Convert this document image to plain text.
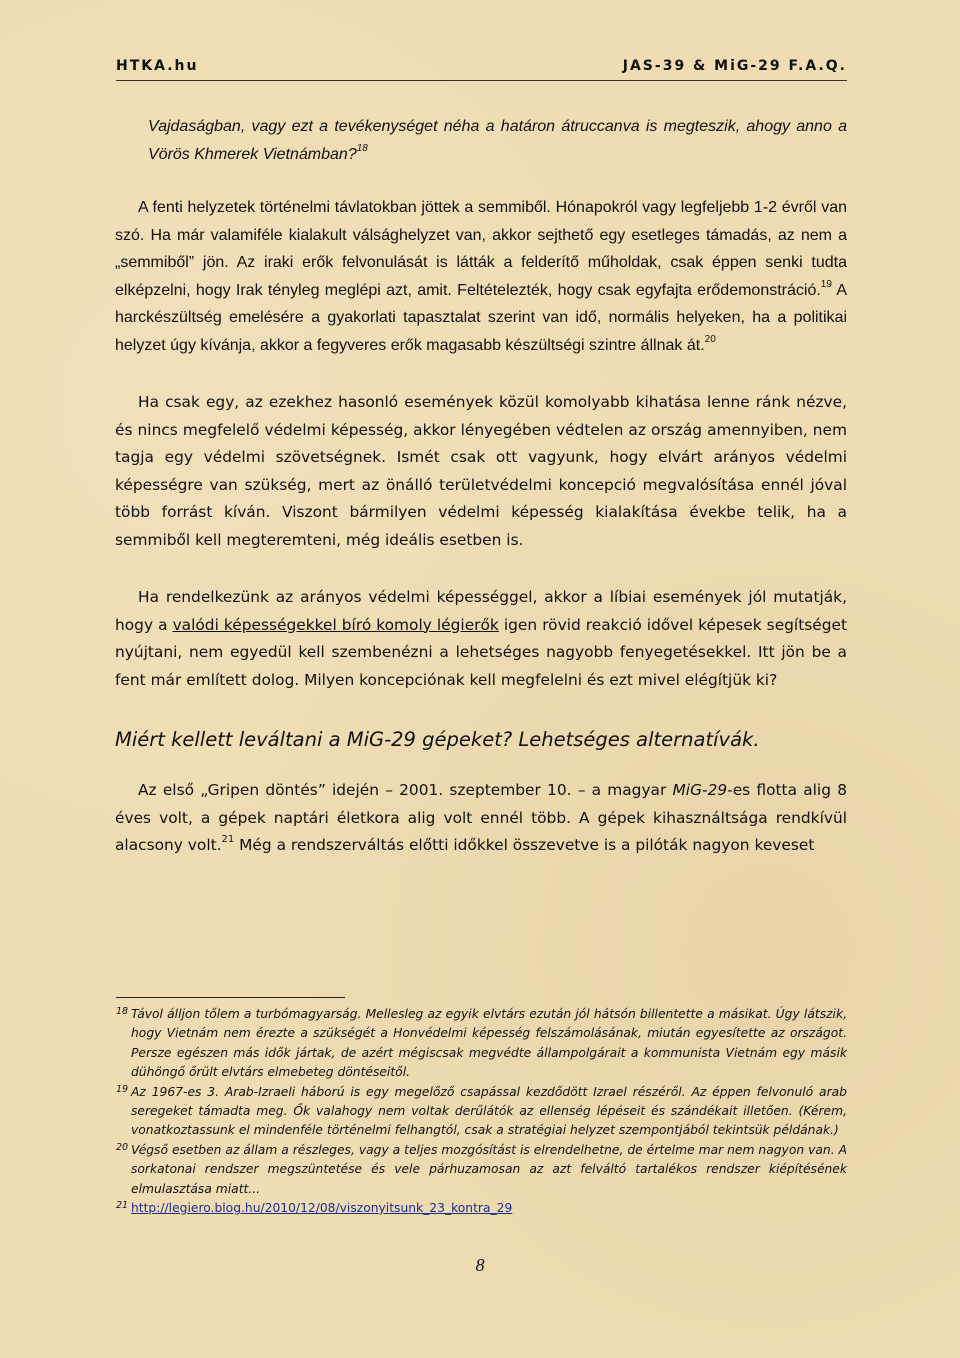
HTKA.hu	JAS-39 & MiG-29 F.A.Q.

Vajdaságban, vagy ezt a tevékenységet néha a határon átruccanva is megteszik, ahogy anno a Vörös Khmerek Vietnámban?$^{18}$

A fenti helyzetek történelmi távlatokban jöttek a semmiből. Hónapokról vagy legfeljebb 1-2 évről van szó. Ha már valamiféle kialakult válsághelyzet van, akkor sejthető egy esetleges támadás, az nem a „semmiből” jön. Az iraki erők felvonulását is látták a felderítő műholdak, csak éppen senki tudta elképzelni, hogy Irak tényleg meglépi azt, amit. Feltételezték, hogy csak egyfajta erődemonstráció.$^{19}$ A harckészültség emelésére a gyakorlati tapasztalat szerint van idő, normális helyeken, ha a politikai helyzet úgy kívánja, akkor a fegyveres erők magasabb készültségi szintre állnak át.$^{20}$

Ha csak egy, az ezekhez hasonló események közül komolyabb kihatása lenne ránk nézve, és nincs megfelelő védelmi képesség, akkor lényegében védtelen az ország amennyiben, nem tagja egy védelmi szövetségnek. Ismét csak ott vagyunk, hogy elvárt arányos védelmi képességre van szükség, mert az önálló területvédelmi koncepció megvalósítása ennél jóval több forrást kíván. Viszont bármilyen védelmi képesség kialakítása évekbe telik, ha a semmiből kell megteremteni, még ideális esetben is.

Ha rendelkezünk az arányos védelmi képességgel, akkor a líbiai események jól mutatják, hogy a valódi képességekkel bíró komoly légierők igen rövid reakció idővel képesek segítséget nyújtani, nem egyedül kell szembenézni a lehetséges nagyobb fenyegetésekkel. Itt jön be a fent már említett dolog. Milyen koncepciónak kell megfelelni és ezt mivel elégítjük ki?

Miért kellett leváltani a MiG-29 gépeket? Lehetséges alternatívák.

Az első „Gripen döntés” idején – 2001. szeptember 10. – a magyar MiG-29-es flotta alig 8 éves volt, a gépek naptári életkora alig volt ennél több. A gépek kihasználtsága rendkívül alacsony volt.$^{21}$ Még a rendszerváltás előtti időkkel összevetve is a pilóták nagyon keveset

18 Távol álljon tőlem a turbómagyarság. Mellesleg az egyik elvtárs ezután jól hátsón billentette a másikat. Úgy látszik, hogy Vietnám nem érezte a szükségét a Honvédelmi képesség felszámolásának, miután egyesítette az országot. Persze egészen más idők jártak, de azért mégiscsak megvédte állampolgárait a kommunista Vietnám egy másik dühöngő őrült elvtárs elmebeteg döntéseitől.
19 Az 1967-es 3. Arab-Izraeli háború is egy megelőző csapással kezdődött Izrael részéről. Az éppen felvonuló arab seregeket támadta meg. Ők valahogy nem voltak derűlátók az ellenség lépéseit és szándékait illetően. (Kérem, vonatkoztassunk el mindenféle történelmi felhangtól, csak a stratégiai helyzet szempontjából tekintsük példának.)
20 Végső esetben az állam a részleges, vagy a teljes mozgósítást is elrendelhetne, de értelme mar nem nagyon van. A sorkatonai rendszer megszüntetése és vele párhuzamosan az azt felváltó tartalékos rendszer kiépítésének elmulasztása miatt...
21 http://legiero.blog.hu/2010/12/08/viszonyitsunk_23_kontra_29
8
